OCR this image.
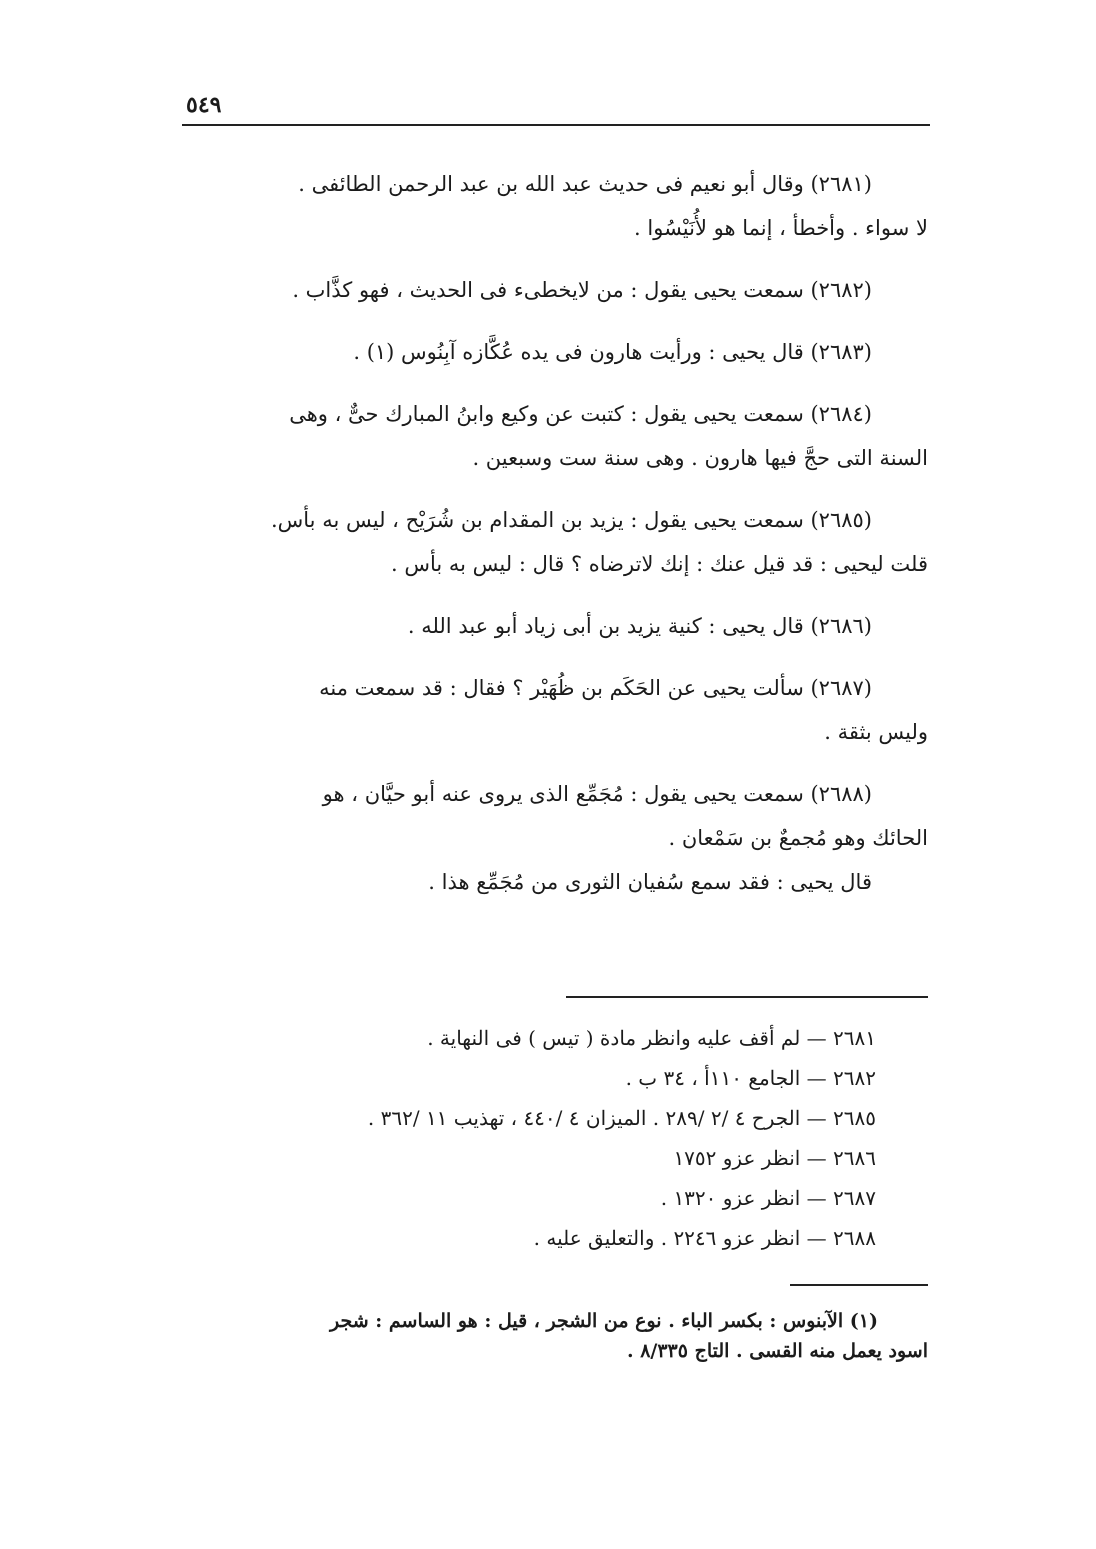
٥٤٩
(٢٦٨١) وقال أبو نعيم فى حديث عبد الله بن عبد الرحمن الطائفى .
لا سواء . وأخطأ ، إنما هو لأُنَيْسُوا .
(٢٦٨٢) سمعت يحيى يقول : من لايخطىء فى الحديث ، فهو كذَّاب .
(٢٦٨٣) قال يحيى : ورأيت هارون فى يده عُكَّازه آبِنُوس (١) .
(٢٦٨٤) سمعت يحيى يقول : كتبت عن وكيع وابنُ المبارك حىٌّ ، وهى
السنة التى حجَّ فيها هارون . وهى سنة ست وسبعين .
(٢٦٨٥) سمعت يحيى يقول : يزيد بن المقدام بن شُرَيْح ، ليس به بأس.
قلت ليحيى : قد قيل عنك : إنك لاترضاه ؟ قال : ليس به بأس .
(٢٦٨٦) قال يحيى : كنية يزيد بن أبى زياد أبو عبد الله .
(٢٦٨٧) سألت يحيى عن الحَكَم بن ظُهَيْر ؟ فقال : قد سمعت منه
وليس بثقة .
(٢٦٨٨) سمعت يحيى يقول : مُجَمِّع الذى يروى عنه أبو حيَّان ، هو
الحائك وهو مُجمعٌ بن سَمْعان .
قال يحيى : فقد سمع سُفيان الثورى من مُجَمِّع هذا .
٢٦٨١ — لم أقف عليه وانظر مادة ( تيس ) فى النهاية .
٢٦٨٢ — الجامع ١١٠أ ، ٣٤ ب .
٢٦٨٥ — الجرح ٤ /٢ /٢٨٩ . الميزان ٤ /٤٤٠ ، تهذيب ١١ /٣٦٢ .
٢٦٨٦ — انظر عزو ١٧٥٢
٢٦٨٧ — انظر عزو ١٣٢٠ .
٢٦٨٨ — انظر عزو ٢٢٤٦ . والتعليق عليه .
(١) الآبنوس : بكسر الباء . نوع من الشجر ، قيل : هو الساسم : شجر
اسود يعمل منه القسى . التاج ٨/٣٣٥ .
